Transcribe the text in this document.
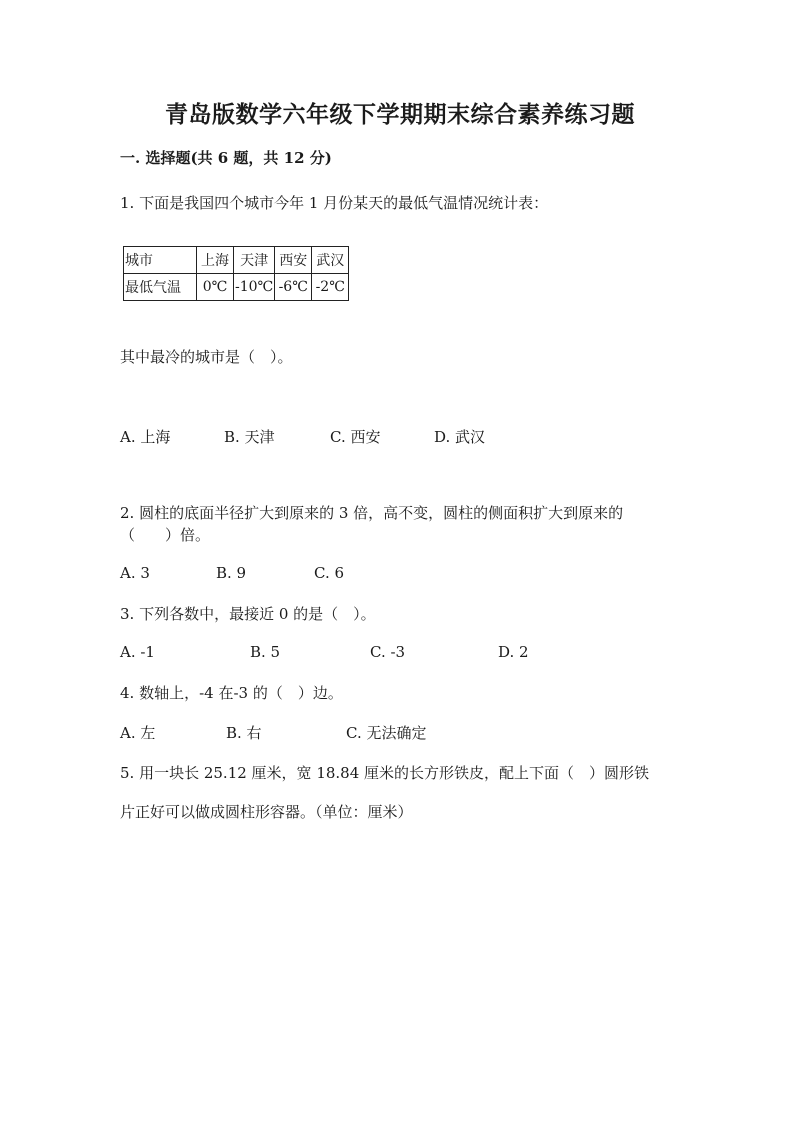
青岛版数学六年级下学期期末综合素养练习题
一. 选择题(共 6 题，共 12 分)
1. 下面是我国四个城市今年 1 月份某天的最低气温情况统计表：
城市	上海	天津	西安	武汉
最低气温	0℃	-10℃	-6℃	-2℃
其中最冷的城市是（　）。
A. 上海	B. 天津	C. 西安	D. 武汉
2. 圆柱的底面半径扩大到原来的 3 倍，高不变，圆柱的侧面积扩大到原来的
（　　）倍。
A. 3	B. 9	C. 6
3. 下列各数中，最接近 0 的是（　）。
A. -1	B. 5	C. -3	D. 2
4. 数轴上，-4 在-3 的（　）边。
A. 左	B. 右	C. 无法确定
5. 用一块长 25.12 厘米，宽 18.84 厘米的长方形铁皮，配上下面（　）圆形铁
片正好可以做成圆柱形容器。（单位：厘米）
